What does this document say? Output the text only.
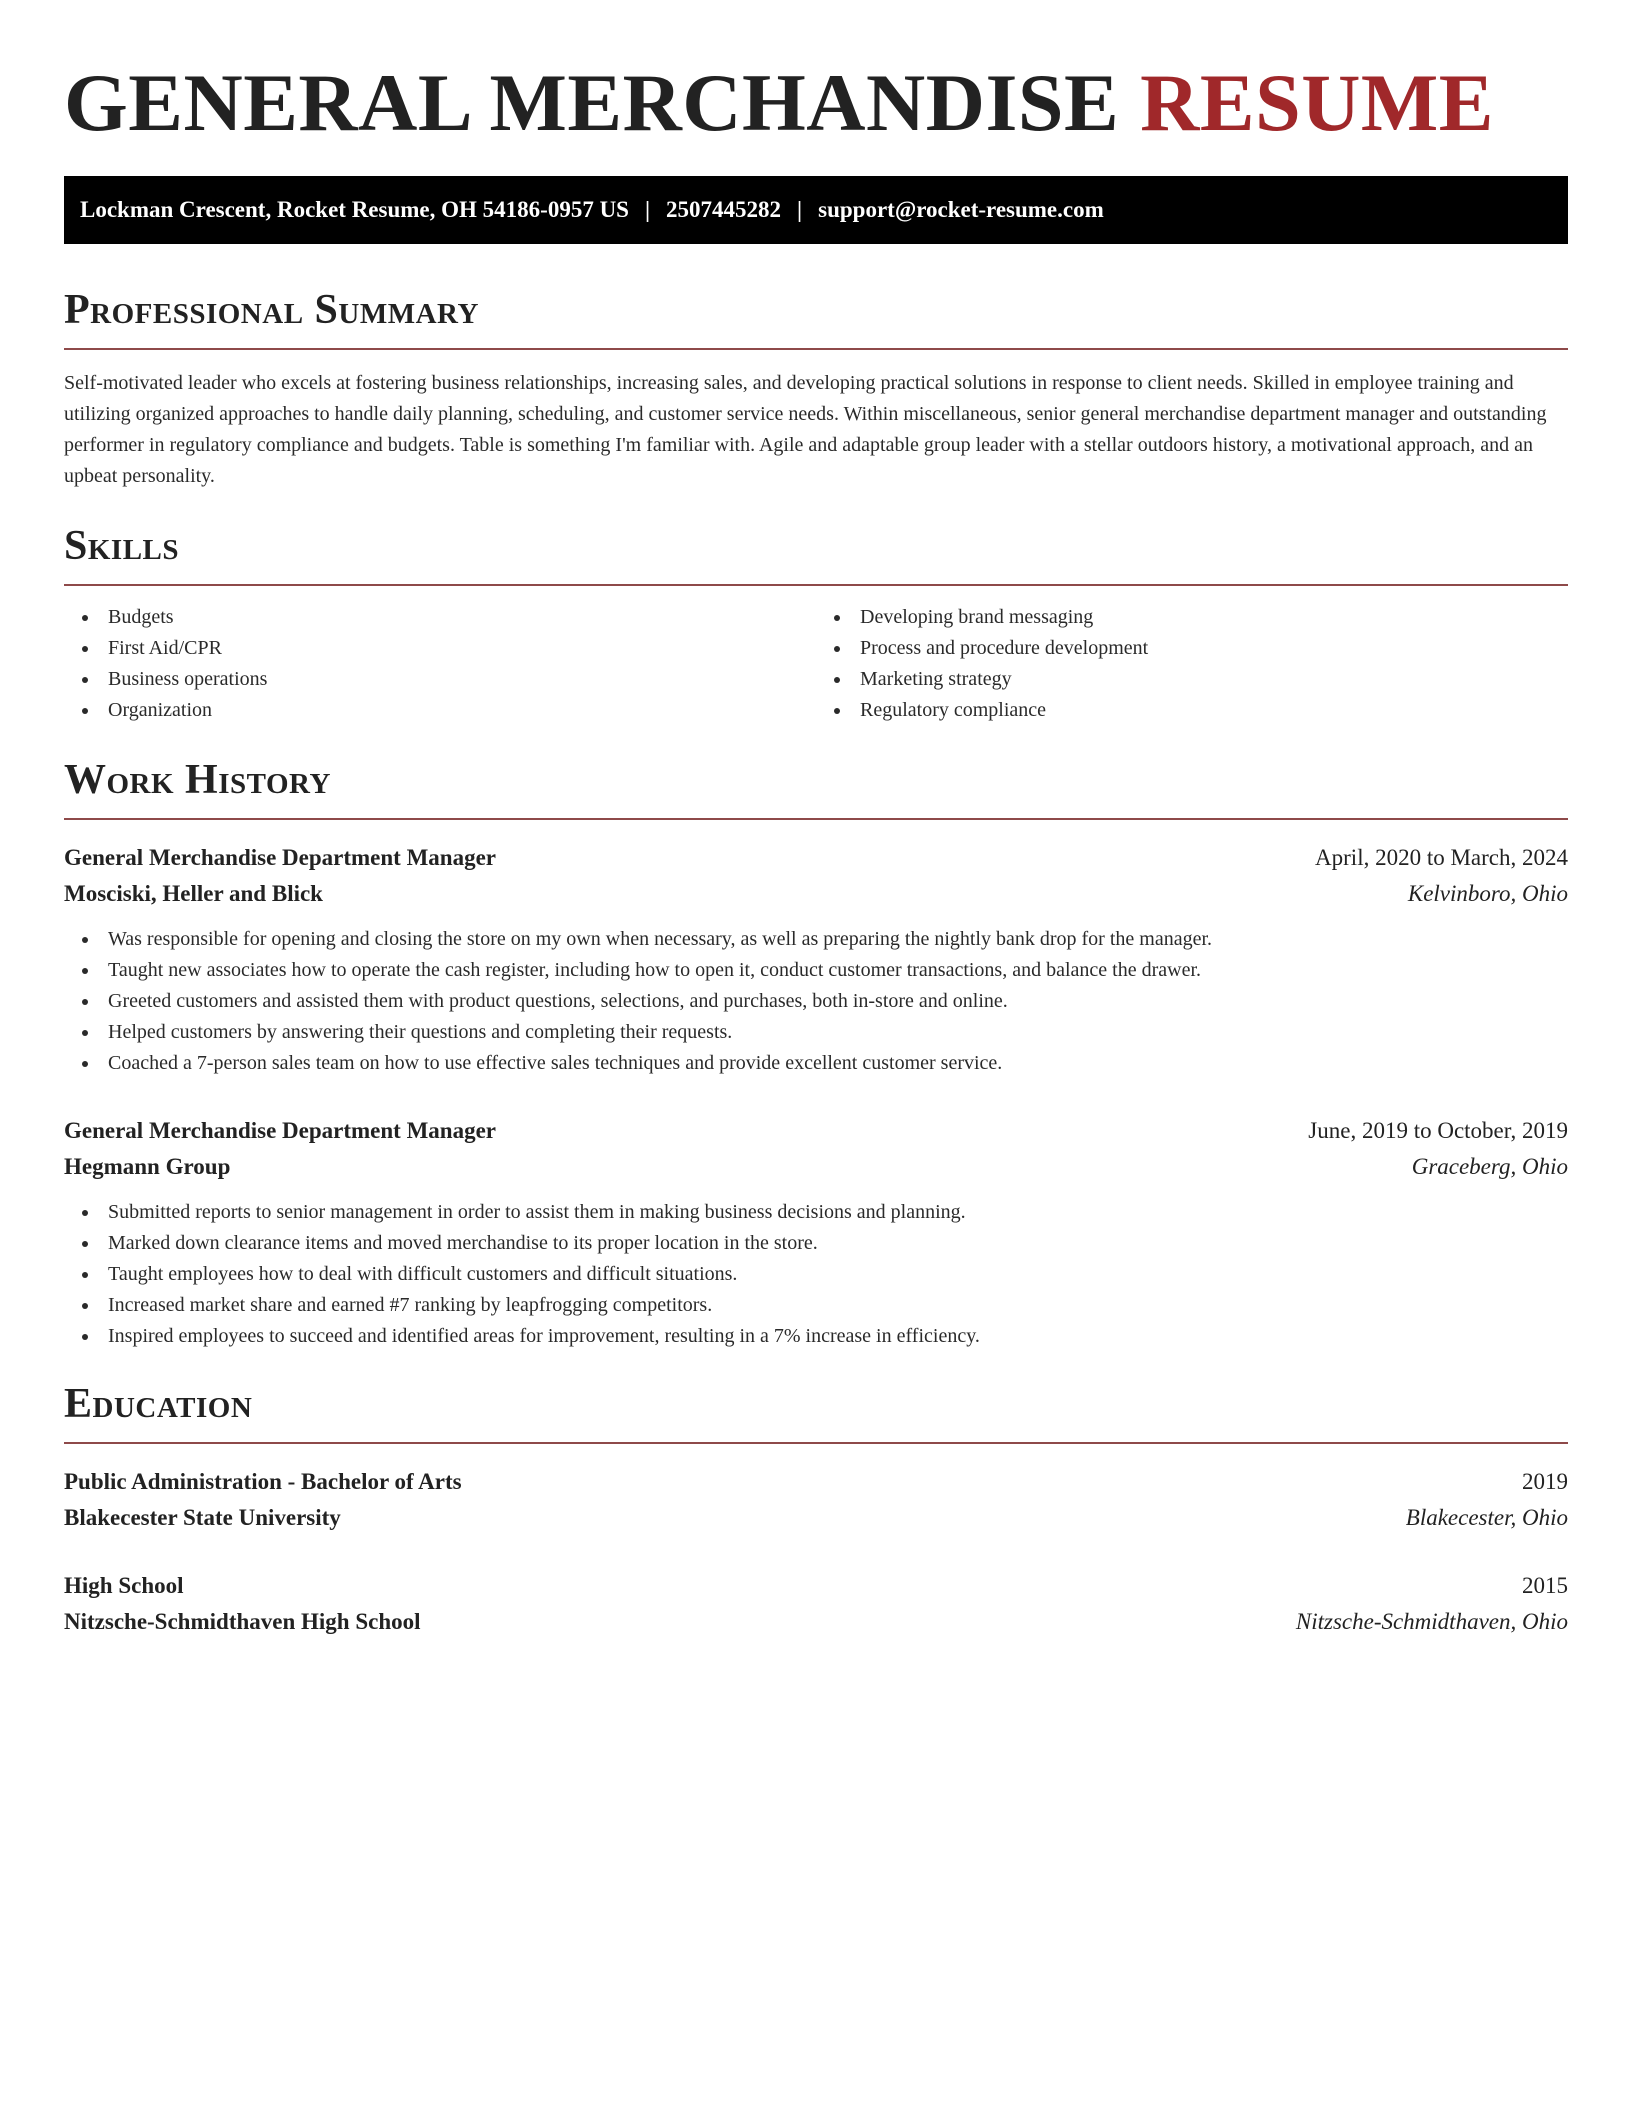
GENERAL MERCHANDISE RESUME
Lockman Crescent, Rocket Resume, OH 54186-0957 US | 2507445282 | support@rocket-resume.com
Professional Summary

Self-motivated leader who excels at fostering business relationships, increasing sales, and developing practical solutions in response to client needs. Skilled in employee training and utilizing organized approaches to handle daily planning, scheduling, and customer service needs. Within miscellaneous, senior general merchandise department manager and outstanding performer in regulatory compliance and budgets. Table is something I'm familiar with. Agile and adaptable group leader with a stellar outdoors history, a motivational approach, and an upbeat personality.

Skills
Budgets
First Aid/CPR
Business operations
Organization
Developing brand messaging
Process and procedure development
Marketing strategy
Regulatory compliance
Work History
General Merchandise Department Manager	April, 2020 to March, 2024
Mosciski, Heller and Blick	Kelvinboro, Ohio
Was responsible for opening and closing the store on my own when necessary, as well as preparing the nightly bank drop for the manager.
Taught new associates how to operate the cash register, including how to open it, conduct customer transactions, and balance the drawer.
Greeted customers and assisted them with product questions, selections, and purchases, both in-store and online.
Helped customers by answering their questions and completing their requests.
Coached a 7-person sales team on how to use effective sales techniques and provide excellent customer service.
General Merchandise Department Manager	June, 2019 to October, 2019
Hegmann Group	Graceberg, Ohio
Submitted reports to senior management in order to assist them in making business decisions and planning.
Marked down clearance items and moved merchandise to its proper location in the store.
Taught employees how to deal with difficult customers and difficult situations.
Increased market share and earned #7 ranking by leapfrogging competitors.
Inspired employees to succeed and identified areas for improvement, resulting in a 7% increase in efficiency.
Education
Public Administration - Bachelor of Arts	2019
Blakecester State University	Blakecester, Ohio
High School	2015
Nitzsche-Schmidthaven High School	Nitzsche-Schmidthaven, Ohio
